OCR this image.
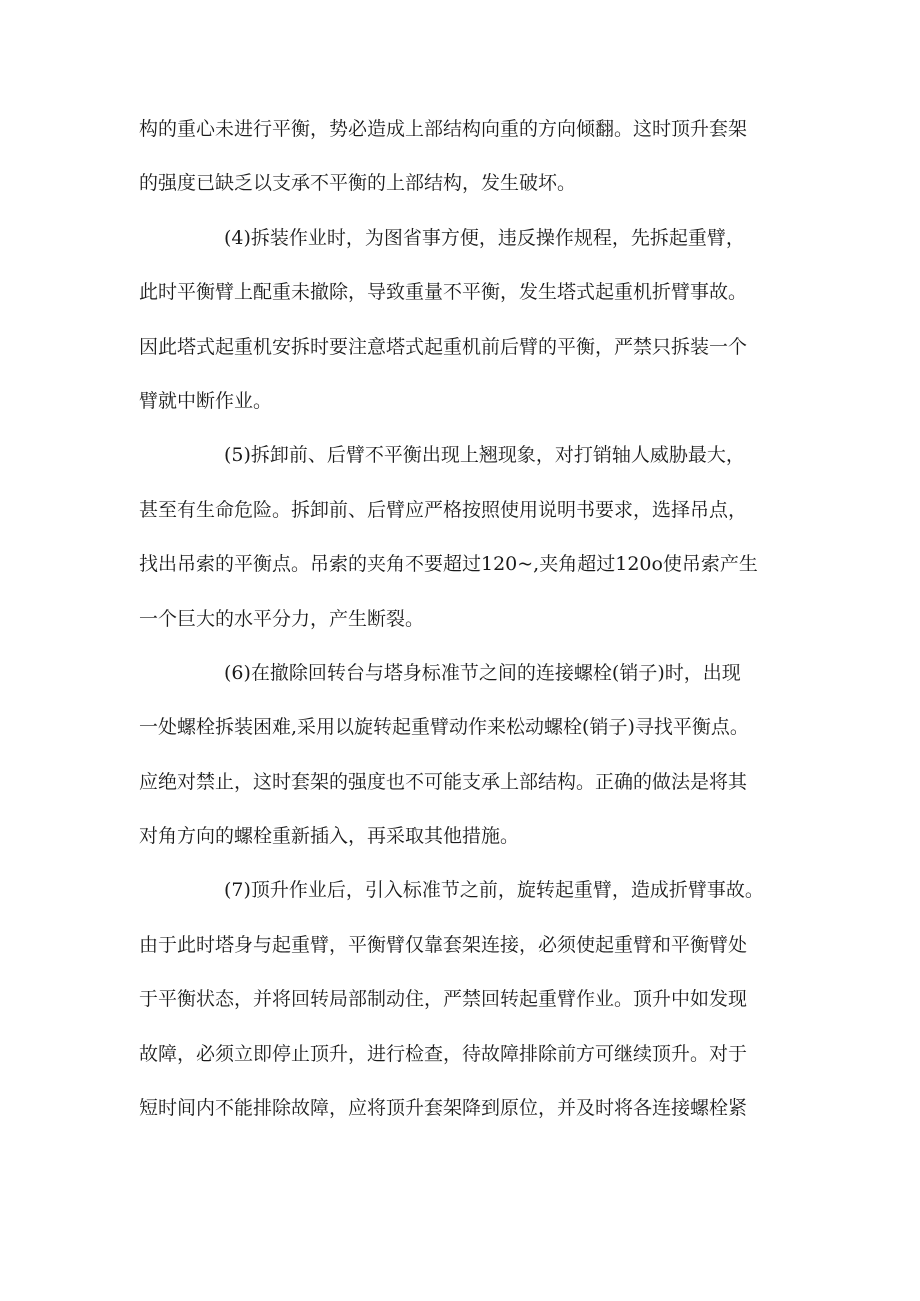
构的重心未进行平衡，势必造成上部结构向重的方向倾翻。这时顶升套架

的强度已缺乏以支承不平衡的上部结构，发生破坏。

(4)拆装作业时，为图省事方便，违反操作规程，先拆起重臂，

此时平衡臂上配重未撤除，导致重量不平衡，发生塔式起重机折臂事故。

因此塔式起重机安拆时要注意塔式起重机前后臂的平衡，严禁只拆装一个

臂就中断作业。

(5)拆卸前、后臂不平衡出现上翘现象，对打销轴人威胁最大，

甚至有生命危险。拆卸前、后臂应严格按照使用说明书要求，选择吊点，

找出吊索的平衡点。吊索的夹角不要超过120~,夹角超过120o使吊索产生

一个巨大的水平分力，产生断裂。

(6)在撤除回转台与塔身标准节之间的连接螺栓(销子)时，出现

一处螺栓拆装困难,采用以旋转起重臂动作来松动螺栓(销子)寻找平衡点。

应绝对禁止，这时套架的强度也不可能支承上部结构。正确的做法是将其

对角方向的螺栓重新插入，再采取其他措施。

(7)顶升作业后，引入标准节之前，旋转起重臂，造成折臂事故。

由于此时塔身与起重臂，平衡臂仅靠套架连接，必须使起重臂和平衡臂处

于平衡状态，并将回转局部制动住，严禁回转起重臂作业。顶升中如发现

故障，必须立即停止顶升，进行检查，待故障排除前方可继续顶升。对于

短时间内不能排除故障，应将顶升套架降到原位，并及时将各连接螺栓紧
